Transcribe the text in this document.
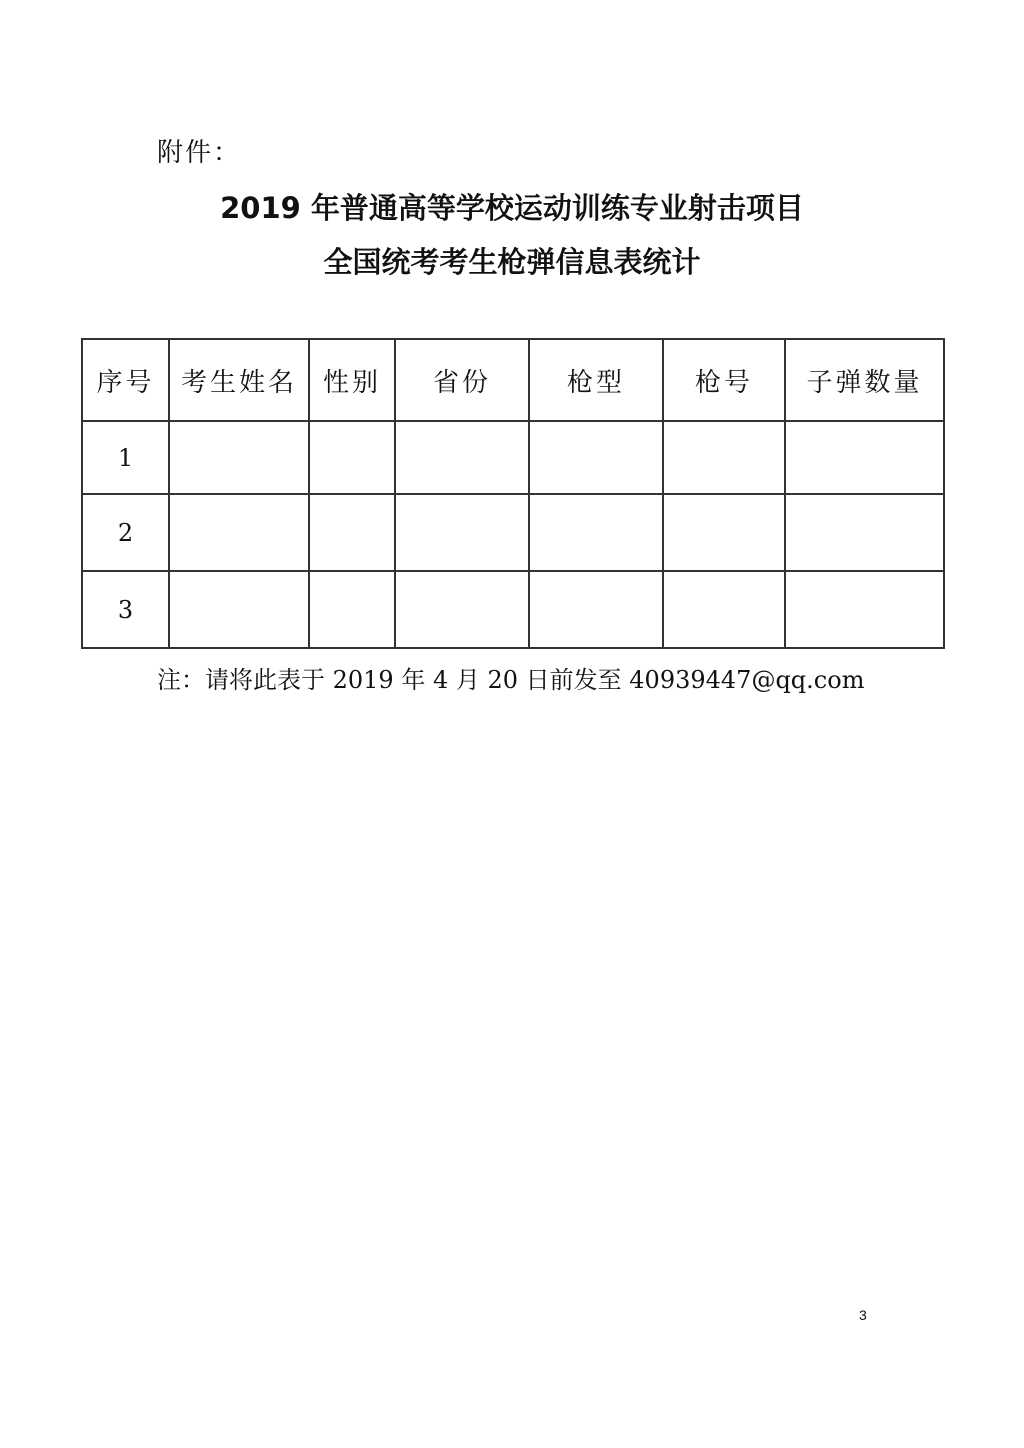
附件：
2019 年普通高等学校运动训练专业射击项目
全国统考考生枪弹信息表统计
序号	考生姓名	性别	省份	枪型	枪号	子弹数量
1						
2						
3						
注：请将此表于 2019 年 4 月 20 日前发至 40939447@qq.com
3
